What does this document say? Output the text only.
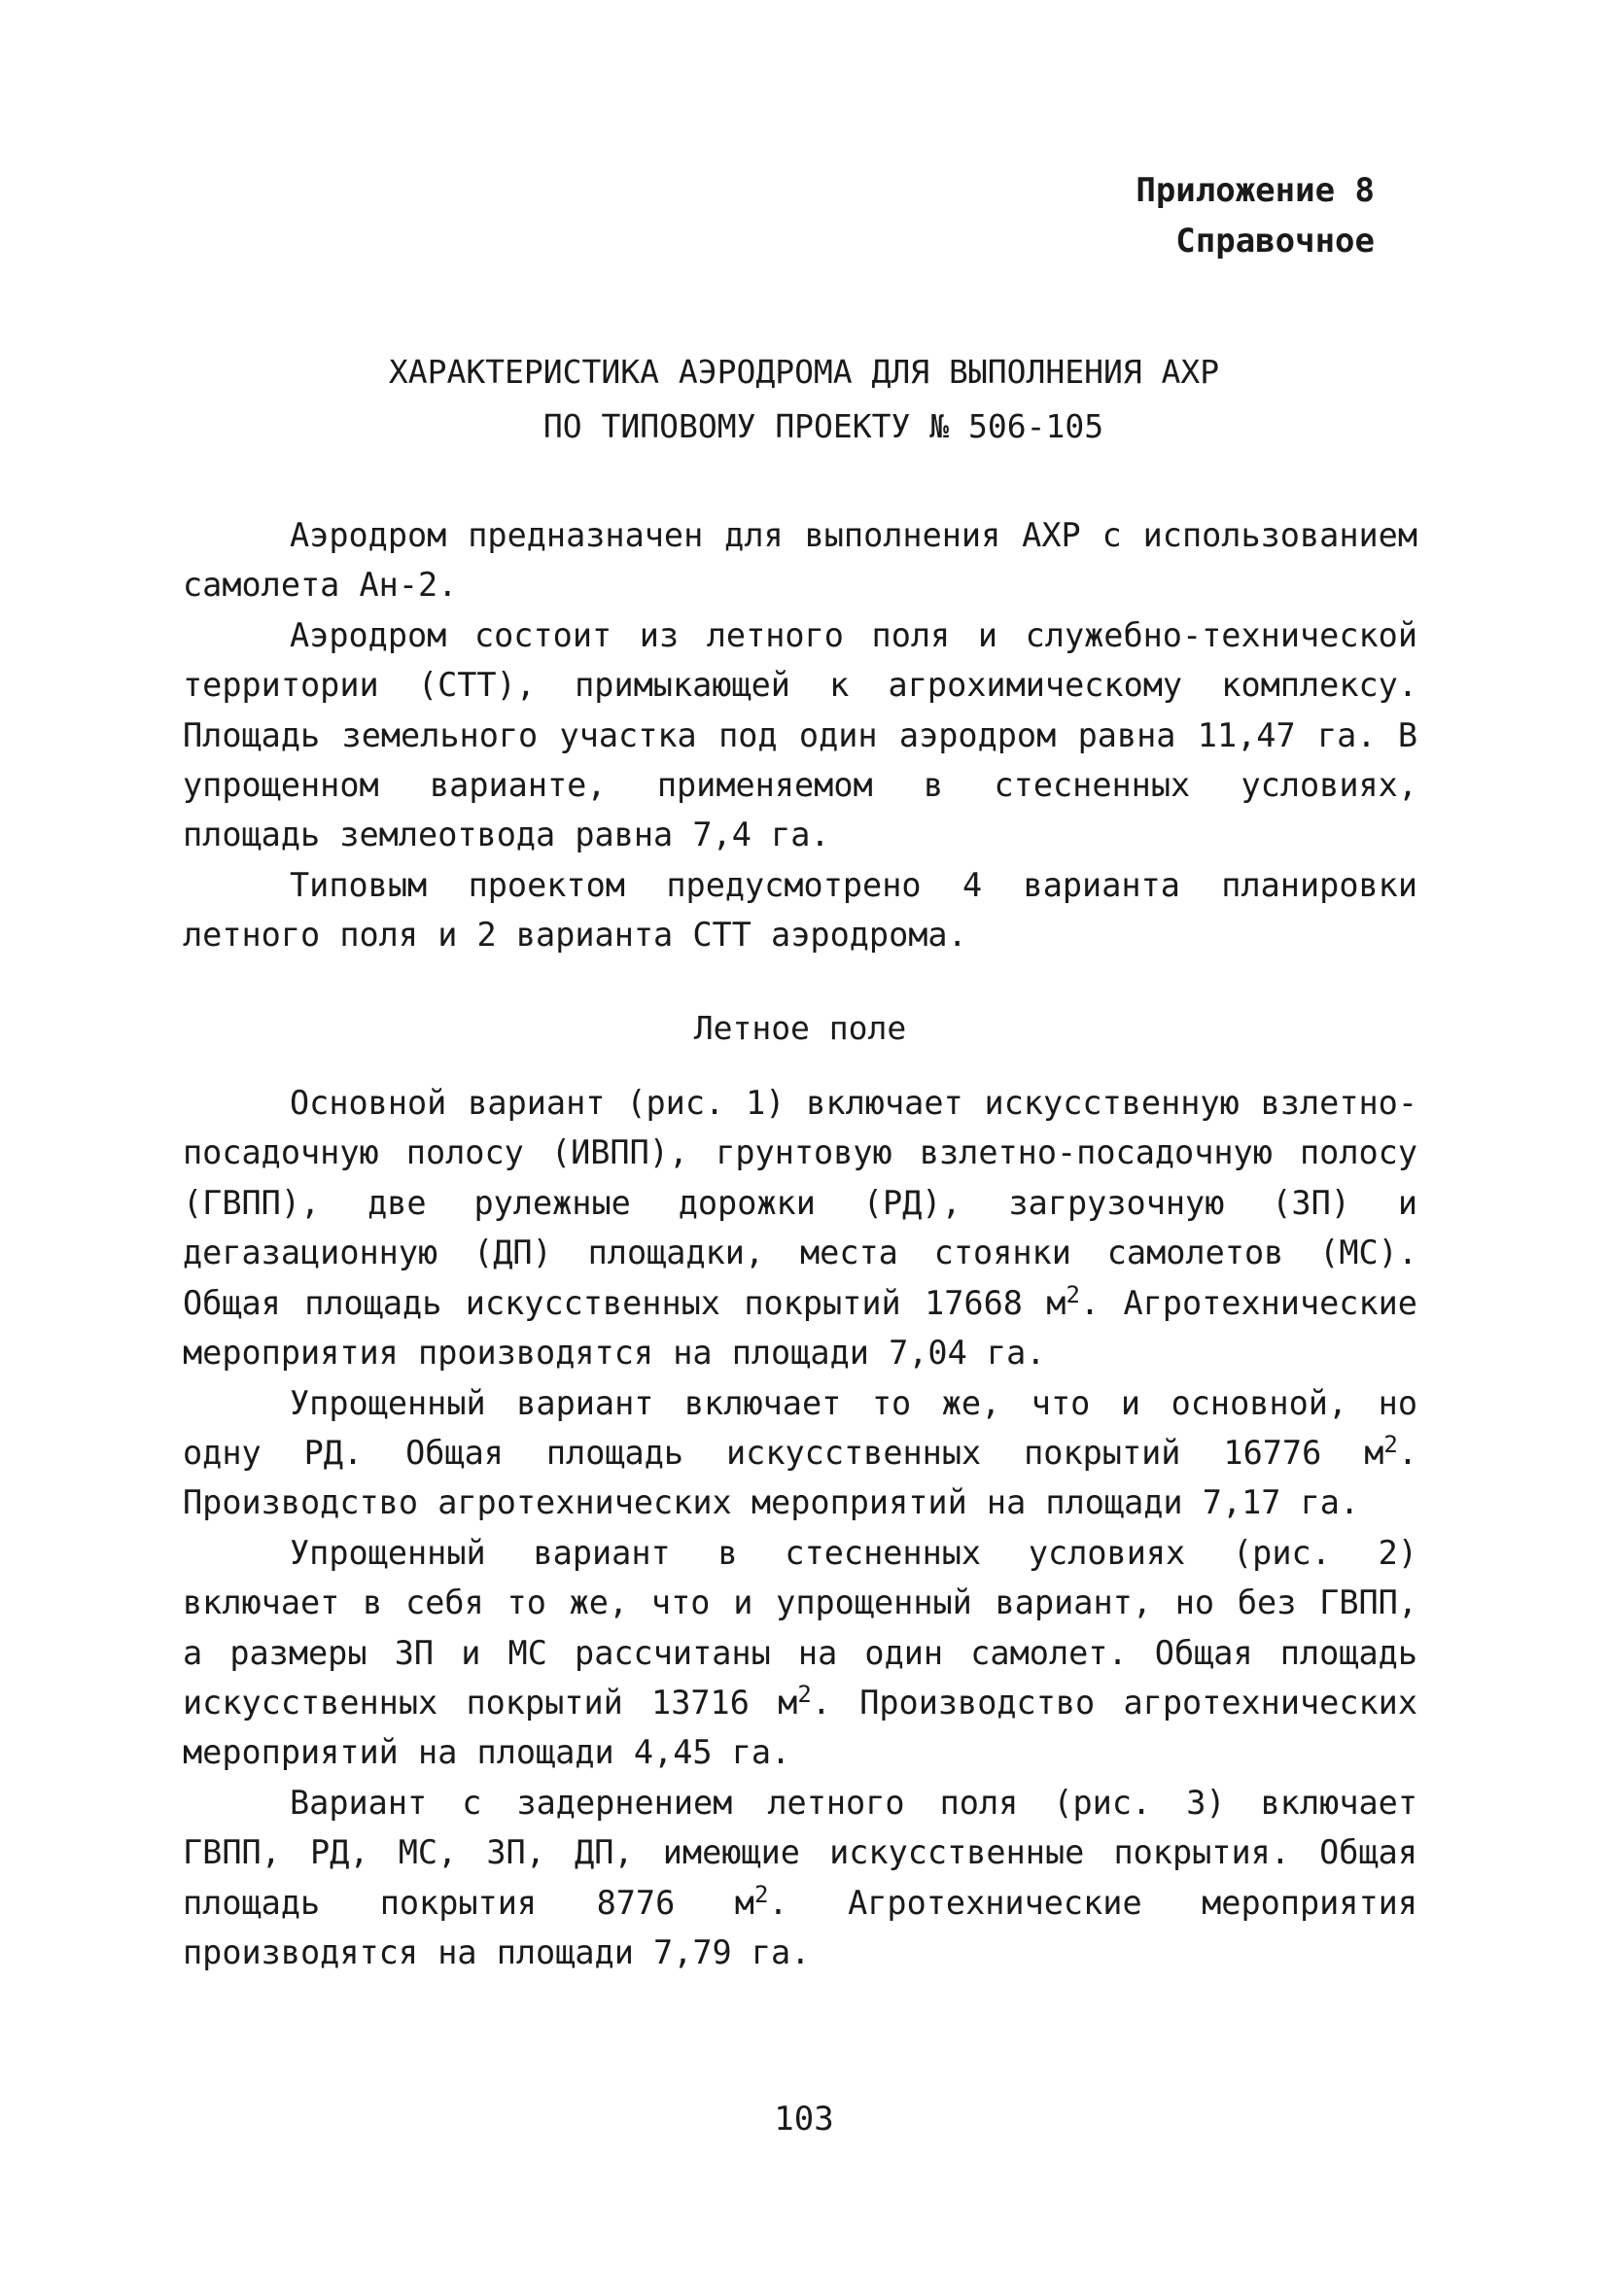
Приложение 8
Справочное
ХАРАКТЕРИСТИКА АЭРОДРОМА ДЛЯ ВЫПОЛНЕНИЯ АХР
ПО ТИПОВОМУ ПРОЕКТУ № 506-105

Аэродром предназначен для выполнения АХР с использованием самолета Ан-2.

Аэродром состоит из летного поля и служебно-технической территории (СТТ), примыкающей к агрохимическому комплексу. Площадь земельного участка под один аэродром равна 11,47 га. В упрощенном варианте, применяемом в стесненных условиях, площадь землеотвода равна 7,4 га.

Типовым проектом предусмотрено 4 варианта планировки летного поля и 2 варианта СТТ аэродрома.

Летное поле

Основной вариант (рис. 1) включает искусственную взлетно-посадочную полосу (ИВПП), грунтовую взлетно-посадочную полосу (ГВПП), две рулежные дорожки (РД), загрузочную (ЗП) и дегазационную (ДП) площадки, места стоянки самолетов (МС). Общая площадь искусственных покрытий 17668 $м^2$. Агротехнические мероприятия производятся на площади 7,04 га.

Упрощенный вариант включает то же, что и основной, но одну РД. Общая площадь искусственных покрытий 16776 $м^2$. Производство агротехнических мероприятий на площади 7,17 га.

Упрощенный вариант в стесненных условиях (рис. 2) включает в себя то же, что и упрощенный вариант, но без ГВПП, а размеры ЗП и МС рассчитаны на один самолет. Общая площадь искусственных покрытий 13716 $м^2$. Производство агротехнических мероприятий на площади 4,45 га.

Вариант с задернением летного поля (рис. 3) включает ГВПП, РД, МС, ЗП, ДП, имеющие искусственные покрытия. Общая площадь покрытия 8776 $м^2$. Агротехнические мероприятия производятся на площади 7,79 га.

103
